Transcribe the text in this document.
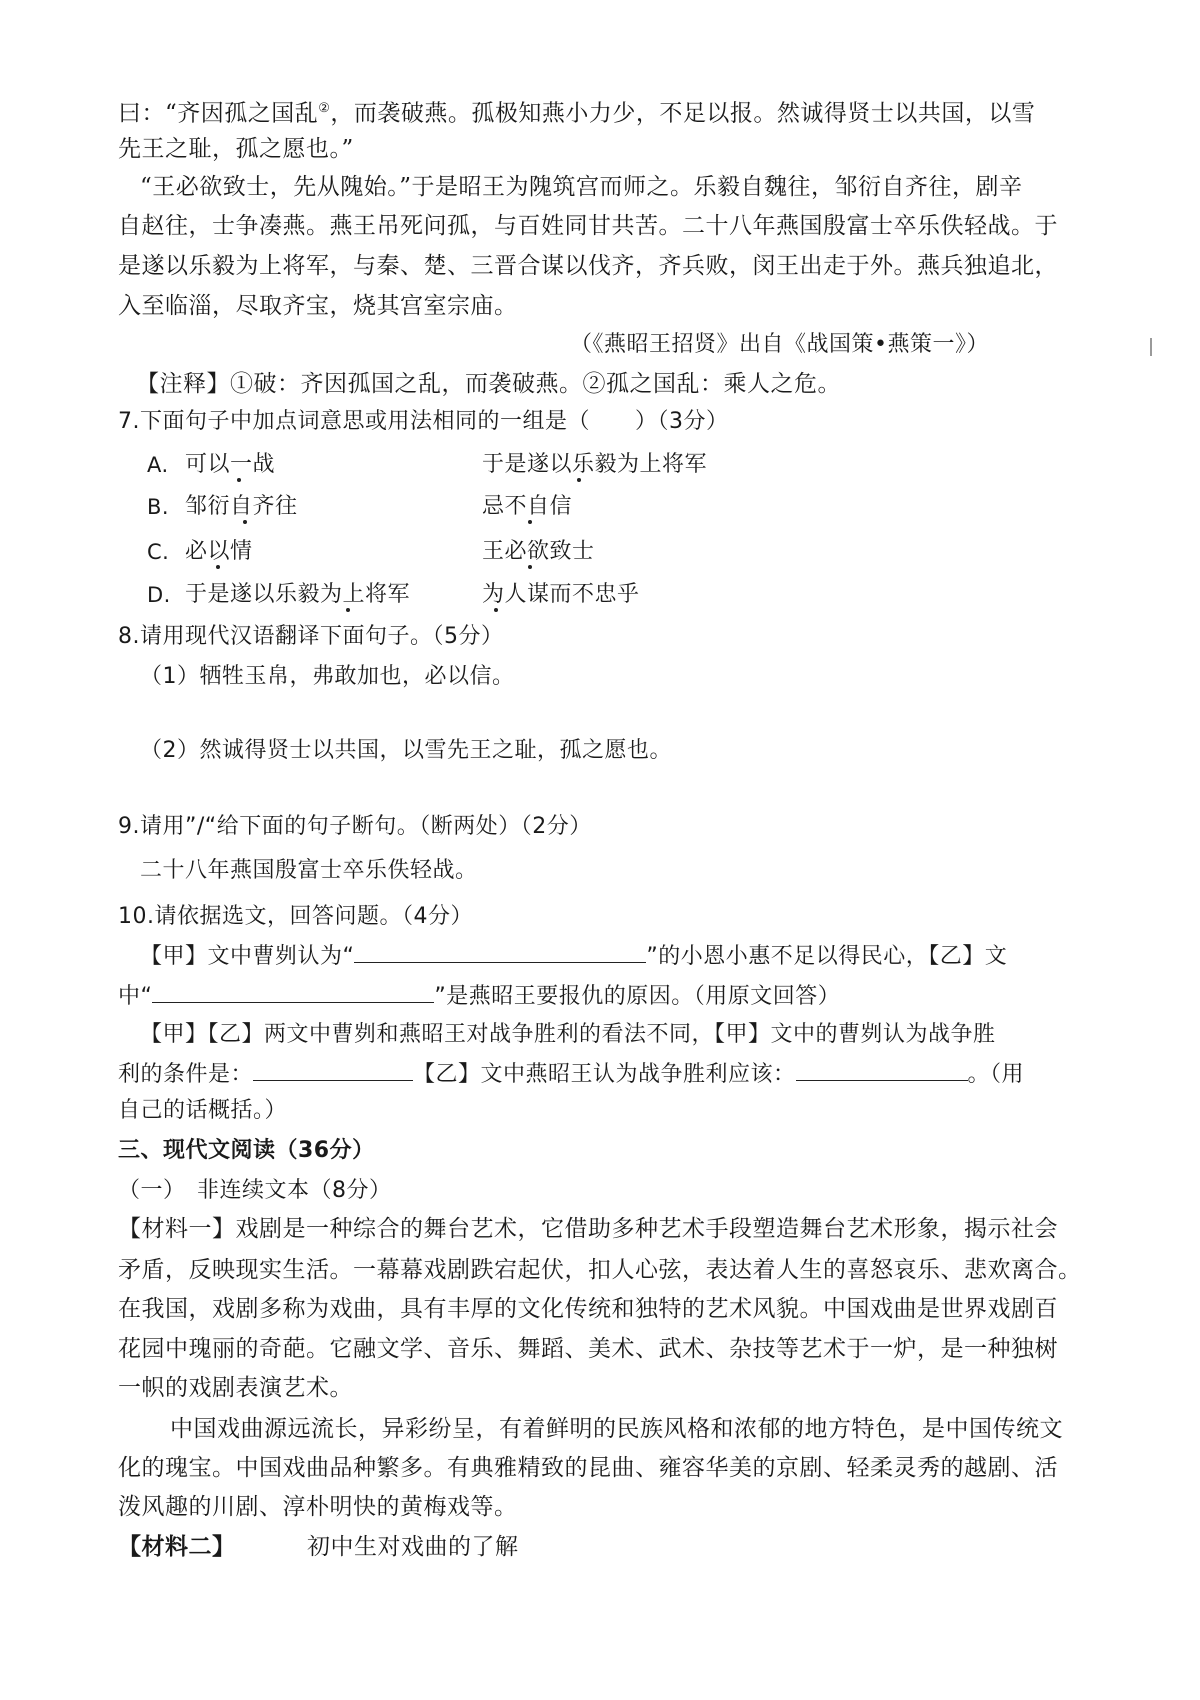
曰：“齐因孤之国乱②，而袭破燕。孤极知燕小力少，不足以报。然诚得贤士以共国，以雪
先王之耻，孤之愿也。”
“王必欲致士，先从隗始。”于是昭王为隗筑宫而师之。乐毅自魏往，邹衍自齐往，剧辛
自赵往，士争凑燕。燕王吊死问孤，与百姓同甘共苦。二十八年燕国殷富士卒乐佚轻战。于
是遂以乐毅为上将军，与秦、楚、三晋合谋以伐齐，齐兵败，闵王出走于外。燕兵独追北，
入至临淄，尽取齐宝，烧其宫室宗庙。
（《燕昭王招贤》出自《战国策•燕策一》）
【注释】①破：齐因孤国之乱，而袭破燕。②孤之国乱：乘人之危。
7.下面句子中加点词意思或用法相同的一组是（　　）（3分）
A. 可以一战	于是遂以乐毅为上将军
B. 邹衍自齐往	忌不自信
C. 必以情	王必欲致士
D. 于是遂以乐毅为上将军	为人谋而不忠乎
8.请用现代汉语翻译下面句子。（5分）
（1）牺牲玉帛，弗敢加也，必以信。
（2）然诚得贤士以共国，以雪先王之耻，孤之愿也。
9.请用”/“给下面的句子断句。（断两处）（2分）
二十八年燕国殷富士卒乐佚轻战。
10.请依据选文，回答问题。（4分）
【甲】文中曹刿认为“	”的小恩小惠不足以得民心，【乙】文
中“	”是燕昭王要报仇的原因。（用原文回答）
【甲】【乙】两文中曹刿和燕昭王对战争胜利的看法不同，【甲】文中的曹刿认为战争胜
利的条件是：	【乙】文中燕昭王认为战争胜利应该：	。（用
自己的话概括。）
三、现代文阅读（36分）
（一）　非连续文本（8分）
【材料一】戏剧是一种综合的舞台艺术，它借助多种艺术手段塑造舞台艺术形象，揭示社会
矛盾，反映现实生活。一幕幕戏剧跌宕起伏，扣人心弦，表达着人生的喜怒哀乐、悲欢离合。
在我国，戏剧多称为戏曲，具有丰厚的文化传统和独特的艺术风貌。中国戏曲是世界戏剧百
花园中瑰丽的奇葩。它融文学、音乐、舞蹈、美术、武术、杂技等艺术于一炉，是一种独树
一帜的戏剧表演艺术。
中国戏曲源远流长，异彩纷呈，有着鲜明的民族风格和浓郁的地方特色，是中国传统文
化的瑰宝。中国戏曲品种繁多。有典雅精致的昆曲、雍容华美的京剧、轻柔灵秀的越剧、活
泼风趣的川剧、淳朴明快的黄梅戏等。
【材料二】	初中生对戏曲的了解
